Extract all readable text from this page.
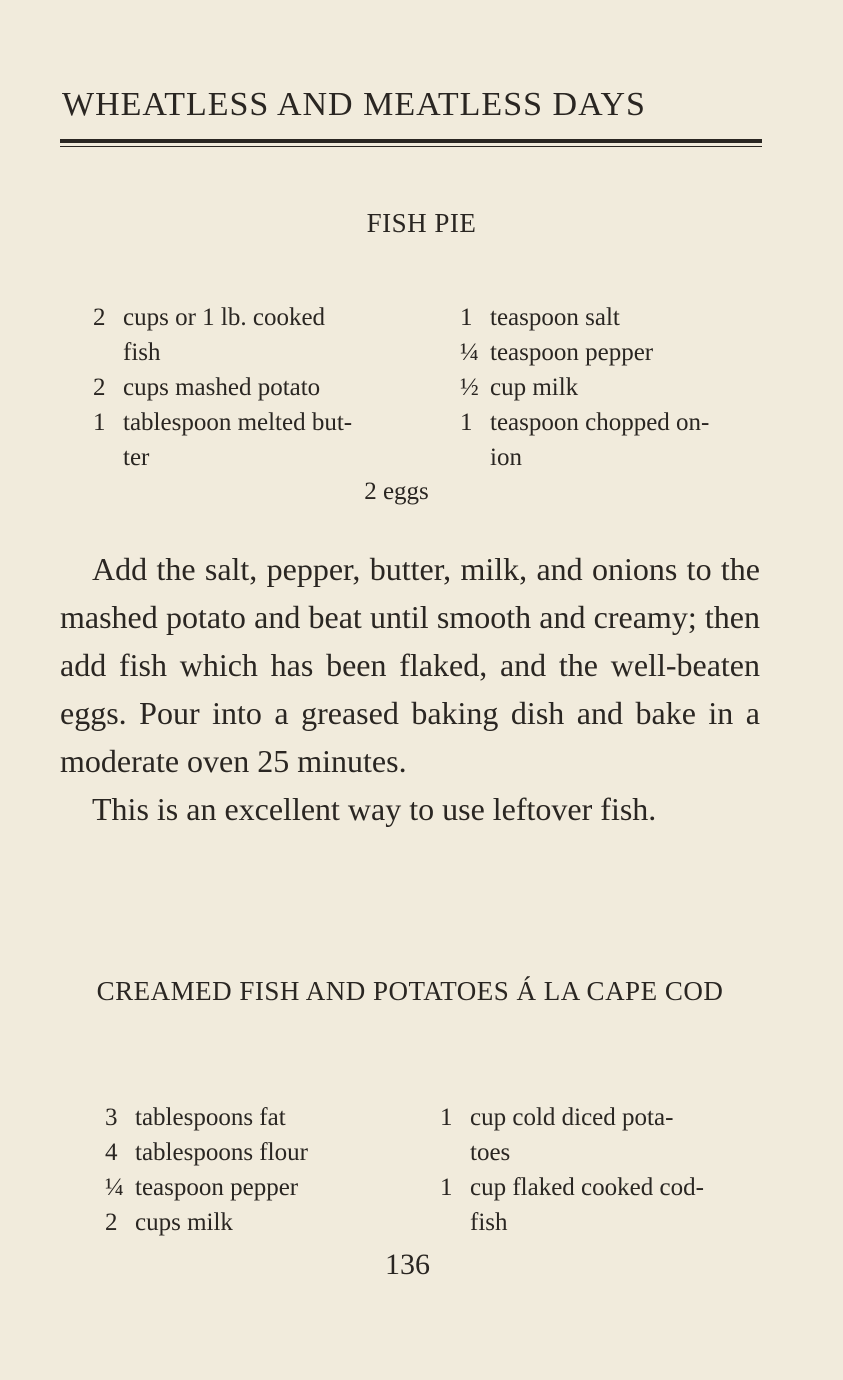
WHEATLESS AND MEATLESS DAYS
FISH PIE
2 cups or 1 lb. cooked
fish
2 cups mashed potato
1 tablespoon melted but-
ter
1 teaspoon salt
¼ teaspoon pepper
½ cup milk
1 teaspoon chopped on-
ion
2 eggs

Add the salt, pepper, butter, milk, and onions to the mashed potato and beat until smooth and creamy; then add fish which has been flaked, and the well-beaten eggs. Pour into a greased baking dish and bake in a moderate oven 25 minutes.

This is an excellent way to use leftover fish.

CREAMED FISH AND POTATOES Á LA CAPE COD
3 tablespoons fat
4 tablespoons flour
¼ teaspoon pepper
2 cups milk
1 cup cold diced pota-
toes
1 cup flaked cooked cod-
fish
136
